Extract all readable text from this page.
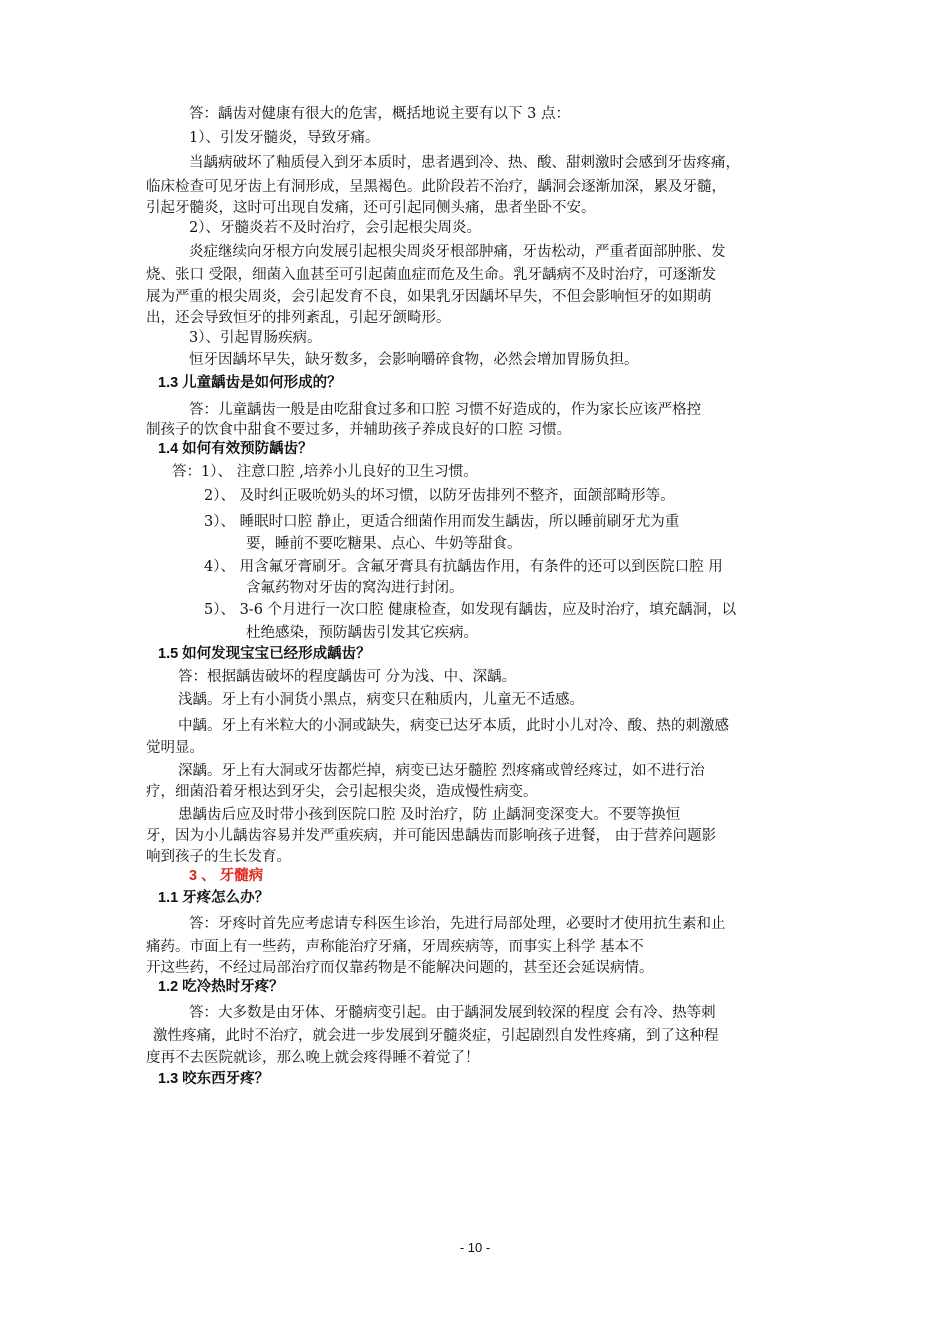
答：龋齿对健康有很大的危害，概括地说主要有以下 3 点：
1）、引发牙髓炎，导致牙痛。
当龋病破坏了釉质侵入到牙本质时，患者遇到冷、热、酸、甜刺激时会感到牙齿疼痛，
临床检查可见牙齿上有洞形成，呈黑褐色。此阶段若不治疗，龋洞会逐渐加深，累及牙髓，
引起牙髓炎，这时可出现自发痛，还可引起同侧头痛，患者坐卧不安。
2）、牙髓炎若不及时治疗，会引起根尖周炎。
炎症继续向牙根方向发展引起根尖周炎牙根部肿痛，牙齿松动，严重者面部肿胀、发
烧、张口 受限，细菌入血甚至可引起菌血症而危及生命。乳牙龋病不及时治疗，可逐渐发
展为严重的根尖周炎，会引起发育不良，如果乳牙因龋坏早失，不但会影响恒牙的如期萌
出，还会导致恒牙的排列紊乱，引起牙颌畸形。
3）、引起胃肠疾病。
恒牙因龋坏早失，缺牙数多，会影响嚼碎食物，必然会增加胃肠负担。
1.3 儿童龋齿是如何形成的？
答：儿童龋齿一般是由吃甜食过多和口腔 习惯不好造成的，作为家长应该严格控
制孩子的饮食中甜食不要过多，并辅助孩子养成良好的口腔 习惯。
1.4 如何有效预防龋齿？
答：1）、 注意口腔 ,培养小儿良好的卫生习惯。
2）、 及时纠正吸吮奶头的坏习惯，以防牙齿排列不整齐，面颌部畸形等。
3）、 睡眠时口腔 静止，更适合细菌作用而发生龋齿，所以睡前刷牙尤为重
要，睡前不要吃糖果、点心、牛奶等甜食。
4）、 用含氟牙膏刷牙。含氟牙膏具有抗龋齿作用，有条件的还可以到医院口腔 用
含氟药物对牙齿的窝沟进行封闭。
5）、 3-6 个月进行一次口腔 健康检查，如发现有龋齿，应及时治疗，填充龋洞，以
杜绝感染，预防龋齿引发其它疾病。
1.5 如何发现宝宝已经形成龋齿？
答：根据龋齿破坏的程度龋齿可 分为浅、中、深龋。
浅龋。牙上有小洞货小黑点，病变只在釉质内，儿童无不适感。
中龋。牙上有米粒大的小洞或缺失，病变已达牙本质，此时小儿对冷、酸、热的刺激感
觉明显。
深龋。牙上有大洞或牙齿都烂掉，病变已达牙髓腔 烈疼痛或曾经疼过，如不进行治
疗，细菌沿着牙根达到牙尖，会引起根尖炎，造成慢性病变。
患龋齿后应及时带小孩到医院口腔 及时治疗，防 止龋洞变深变大。不要等换恒
牙，因为小儿龋齿容易并发严重疾病，并可能因患龋齿而影响孩子进餐， 由于营养问题影
响到孩子的生长发育。
3 、 牙髓病
1.1 牙疼怎么办？
答：牙疼时首先应考虑请专科医生诊治，先进行局部处理，必要时才使用抗生素和止
痛药。市面上有一些药，声称能治疗牙痛，牙周疾病等，而事实上科学 基本不
开这些药，不经过局部治疗而仅靠药物是不能解决问题的，甚至还会延误病情。
1.2 吃冷热时牙疼？
答：大多数是由牙体、牙髓病变引起。由于龋洞发展到较深的程度 会有冷、热等刺
激性疼痛，此时不治疗，就会进一步发展到牙髓炎症，引起剧烈自发性疼痛，到了这种程
度再不去医院就诊，那么晚上就会疼得睡不着觉了！
1.3 咬东西牙疼？
- 10 -
